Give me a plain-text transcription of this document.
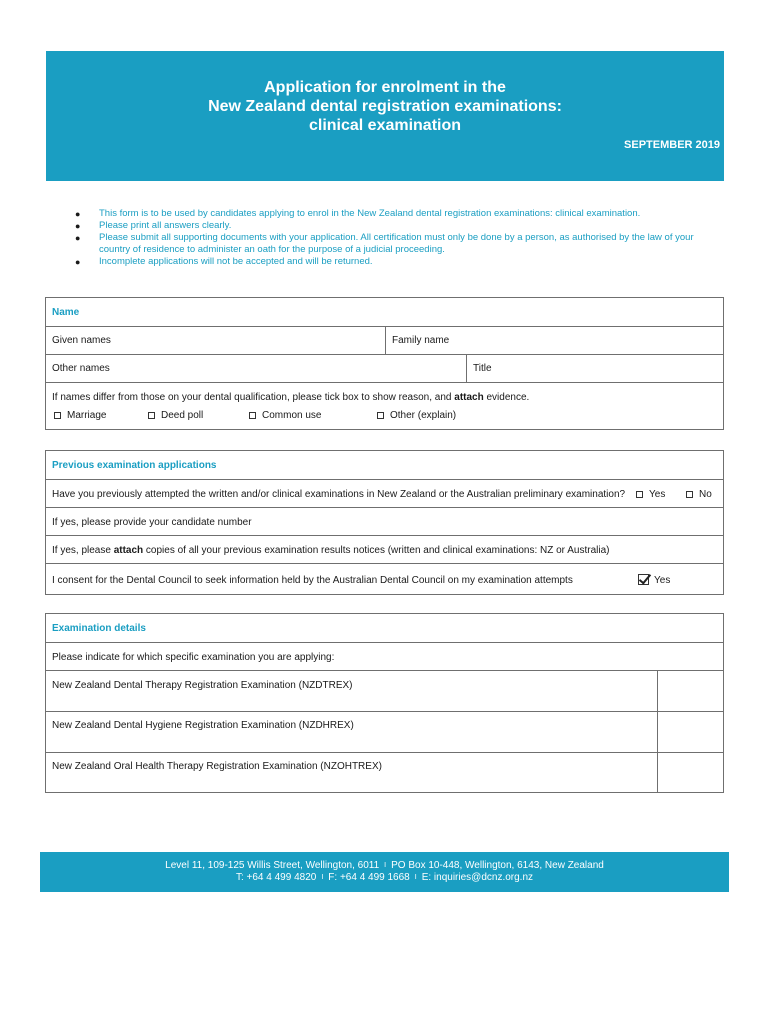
Application for enrolment in the
New Zealand dental registration examinations:
clinical examination
SEPTEMBER 2019
● This form is to be used by candidates applying to enrol in the New Zealand dental registration examinations: clinical examination.
● Please print all answers clearly.
● Please submit all supporting documents with your application. All certification must only be done by a person, as authorised by the law of your country of residence to administer an oath for the purpose of a judicial proceeding.
● Incomplete applications will not be accepted and will be returned.
Name
Given names	Family name
Other names	Title
If names differ from those on your dental qualification, please tick box to show reason, and attach evidence.
Marriage	Deed poll	Common use	Other (explain)
Previous examination applications
Have you previously attempted the written and/or clinical examinations in New Zealand or the Australian preliminary examination?	Yes	No
If yes, please provide your candidate number
If yes, please attach copies of all your previous examination results notices (written and clinical examinations: NZ or Australia)
I consent for the Dental Council to seek information held by the Australian Dental Council on my examination attempts	Yes
Examination details
Please indicate for which specific examination you are applying:
New Zealand Dental Therapy Registration Examination (NZDTREX)
New Zealand Dental Hygiene Registration Examination (NZDHREX)
New Zealand Oral Health Therapy Registration Examination (NZOHTREX)
Level 11, 109-125 Willis Street, Wellington, 6011 I PO Box 10-448, Wellington, 6143, New Zealand
T: +64 4 499 4820 I F: +64 4 499 1668 I E: inquiries@dcnz.org.nz
